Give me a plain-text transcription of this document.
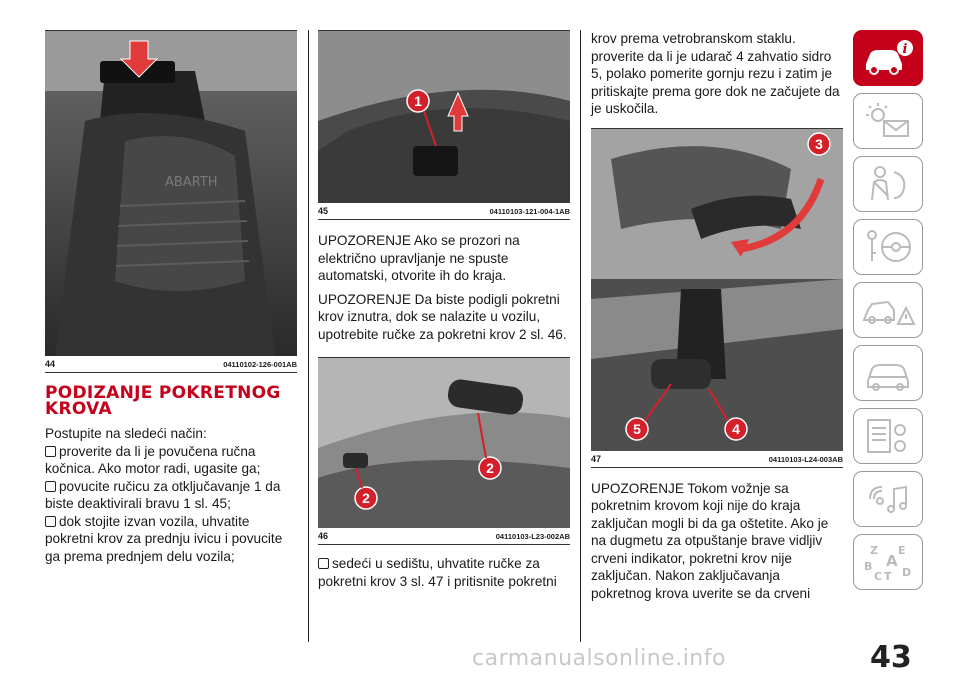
ABARTH
44	04110102-126-001AB
PODIZANJE POKRETNOG KROVA

Postupite na sledeći način:

proverite da li je povučena ručna kočnica. Ako motor radi, ugasite ga;

povucite ručicu za otključavanje 1 da biste deaktivirali bravu 1 sl. 45;

dok stojite izvan vozila, uhvatite pokretni krov za prednju ivicu i povucite ga prema prednjem delu vozila;

1
45	04110103-121-004-1AB

UPOZORENJE Ako se prozori na električno upravljanje ne spuste automatski, otvorite ih do kraja.

UPOZORENJE Da biste podigli pokretni krov iznutra, dok se nalazite u vozilu, upotrebite ručke za pokretni krov 2 sl. 46.

2
2
46	04110103-L23-002AB

sedeći u sedištu, uhvatite ručke za pokretni krov 3 sl. 47 i pritisnite pokretni

krov prema vetrobranskom staklu. proverite da li je udarač 4 zahvatio sidro 5, polako pomerite gornju rezu i zatim je pritiskajte prema gore dok ne začujete da je uskočila.

3
5	4
47	04110103-L24-003AB

UPOZORENJE Tokom vožnje sa pokretnim krovom koji nije do kraja zaključan mogli bi da ga oštetite. Ako je na dugmetu za otpuštanje brave vidljiv crveni indikator, pokretni krov nije zaključan. Nakon zaključavanja pokretnog krova uverite se da crveni

i
Z E
B A
C T D
carmanualsonline.info	43
